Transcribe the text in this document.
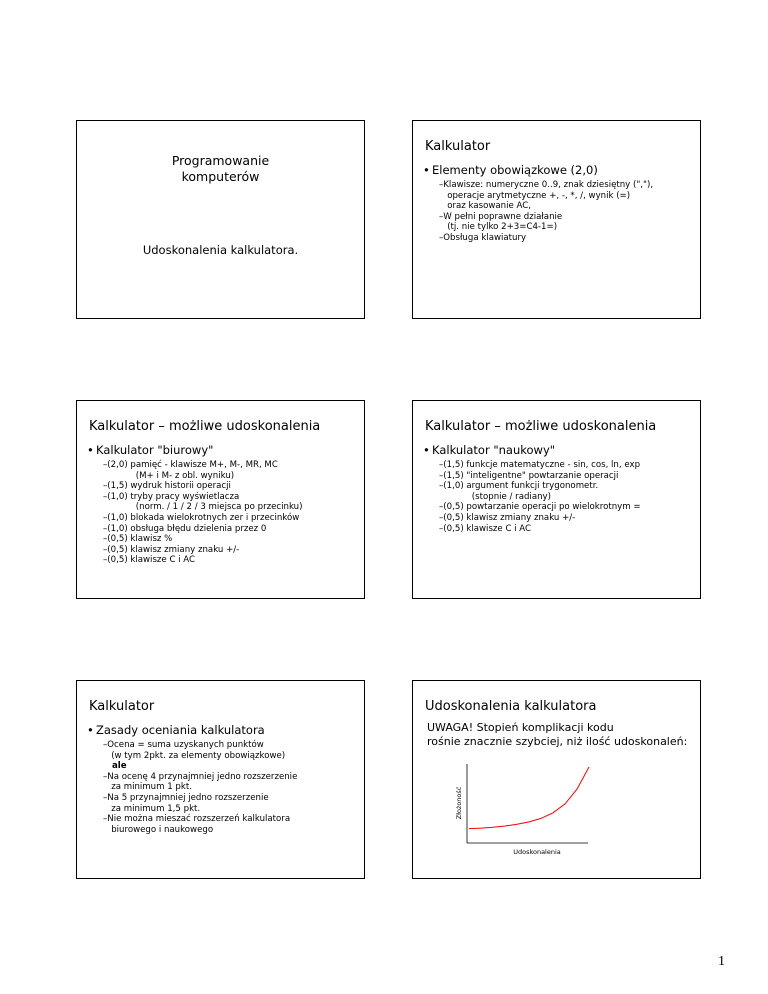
Programowanie
komputerów
Udoskonalenia kalkulatora.
Kalkulator
• Elementy obowiązkowe (2,0)
–Klawisze: numeryczne 0..9, znak dziesiętny (","),
operacje arytmetyczne +, -, *, /, wynik (=)
oraz kasowanie AC,
–W pełni poprawne działanie
(tj. nie tylko 2+3=C4-1=)
–Obsługa klawiatury
Kalkulator – możliwe udoskonalenia
• Kalkulator "biurowy"
–(2,0) pamięć - klawisze M+, M-, MR, MC
(M+ i M- z obl. wyniku)
–(1,5) wydruk historii operacji
–(1,0) tryby pracy wyświetlacza
(norm. / 1 / 2 / 3 miejsca po przecinku)
–(1,0) blokada wielokrotnych zer i przecinków
–(1,0) obsługa błędu dzielenia przez 0
–(0,5) klawisz %
–(0,5) klawisz zmiany znaku +/-
–(0,5) klawisze C i AC
Kalkulator – możliwe udoskonalenia
• Kalkulator "naukowy"
–(1,5) funkcje matematyczne - sin, cos, ln, exp
–(1,5) "inteligentne" powtarzanie operacji
–(1,0) argument funkcji trygonometr.
(stopnie / radiany)
–(0,5) powtarzanie operacji po wielokrotnym =
–(0,5) klawisz zmiany znaku +/-
–(0,5) klawisze C i AC
Kalkulator
• Zasady oceniania kalkulatora
–Ocena = suma uzyskanych punktów
(w tym 2pkt. za elementy obowiązkowe)
ale
–Na ocenę 4 przynajmniej jedno rozszerzenie
za minimum 1 pkt.
–Na 5 przynajmniej jedno rozszerzenie
za minimum 1,5 pkt.
–Nie można mieszać rozszerzeń kalkulatora
biurowego i naukowego
Udoskonalenia kalkulatora
UWAGA! Stopień komplikacji kodu
rośnie znacznie szybciej, niż ilość udoskonaleń:
Złożoność
Udoskonalenia
1
